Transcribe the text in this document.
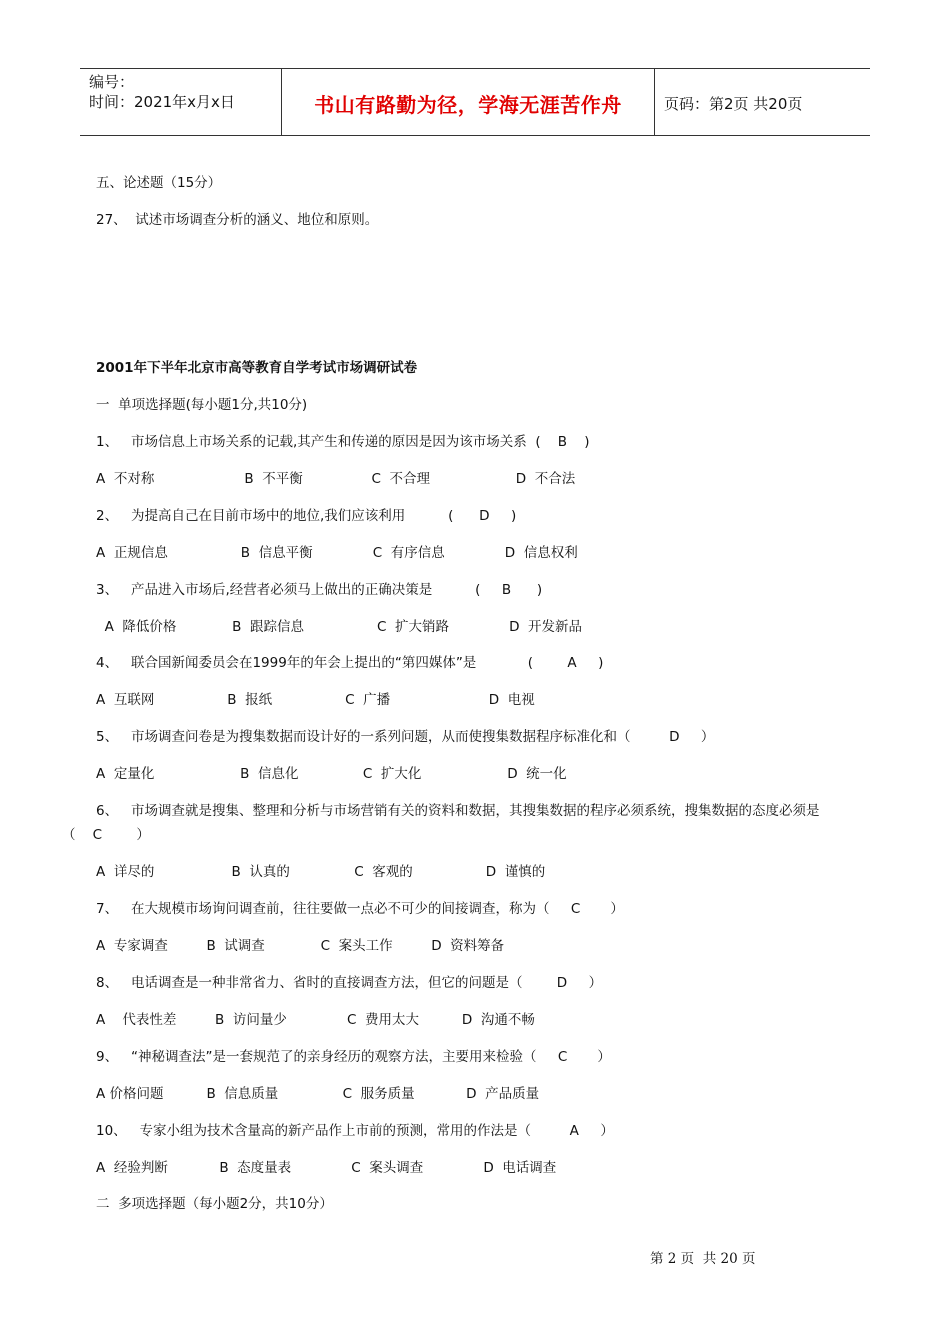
编号：
时间：2021年x月x日	书山有路勤为径，学海无涯苦作舟	页码：第2页 共20页
五、论述题（15分）
27、  试述市场调查分析的涵义、地位和原则。
2001年下半年北京市高等教育自学考试市场调研试卷
一  单项选择题(每小题1分,共10分)
1、   市场信息上市场关系的记载,其产生和传递的原因是因为该市场关系  (    B    )
A  不对称                     B  不平衡                C  不合理                    D  不合法
2、   为提高自己在目前市场中的地位,我们应该利用          (      D     )
A  正规信息                 B  信息平衡              C  有序信息              D  信息权利
3、   产品进入市场后,经营者必须马上做出的正确决策是          (     B      )
A  降低价格             B  跟踪信息                 C  扩大销路              D  开发新品
4、   联合国新闻委员会在1999年的年会上提出的“第四媒体”是            (        A     )
A  互联网                 B  报纸                 C  广播                       D  电视
5、   市场调查问卷是为搜集数据而设计好的一系列问题，从而使搜集数据程序标准化和（         D     ）
A  定量化                    B  信息化               C  扩大化                    D  统一化
6、   市场调查就是搜集、整理和分析与市场营销有关的资料和数据，其搜集数据的程序必须系统，搜集数据的态度必须是
（    C        ）
A  详尽的                  B  认真的               C  客观的                 D  谨慎的
7、   在大规模市场询问调查前，往往要做一点必不可少的间接调查，称为（     C       ）
A  专家调查         B  试调查             C  案头工作         D  资料筹备
8、   电话调查是一种非常省力、省时的直接调查方法，但它的问题是（        D     ）
A    代表性差         B  访问量少              C  费用太大          D  沟通不畅
9、   “神秘调查法”是一套规范了的亲身经历的观察方法，主要用来检验（     C       ）
A 价格问题          B  信息质量               C  服务质量            D  产品质量
10、   专家小组为技术含量高的新产品作上市前的预测，常用的作法是（         A     ）
A  经验判断            B  态度量表              C  案头调查              D  电话调查
二  多项选择题（每小题2分，共10分）
第 2 页  共 20 页
